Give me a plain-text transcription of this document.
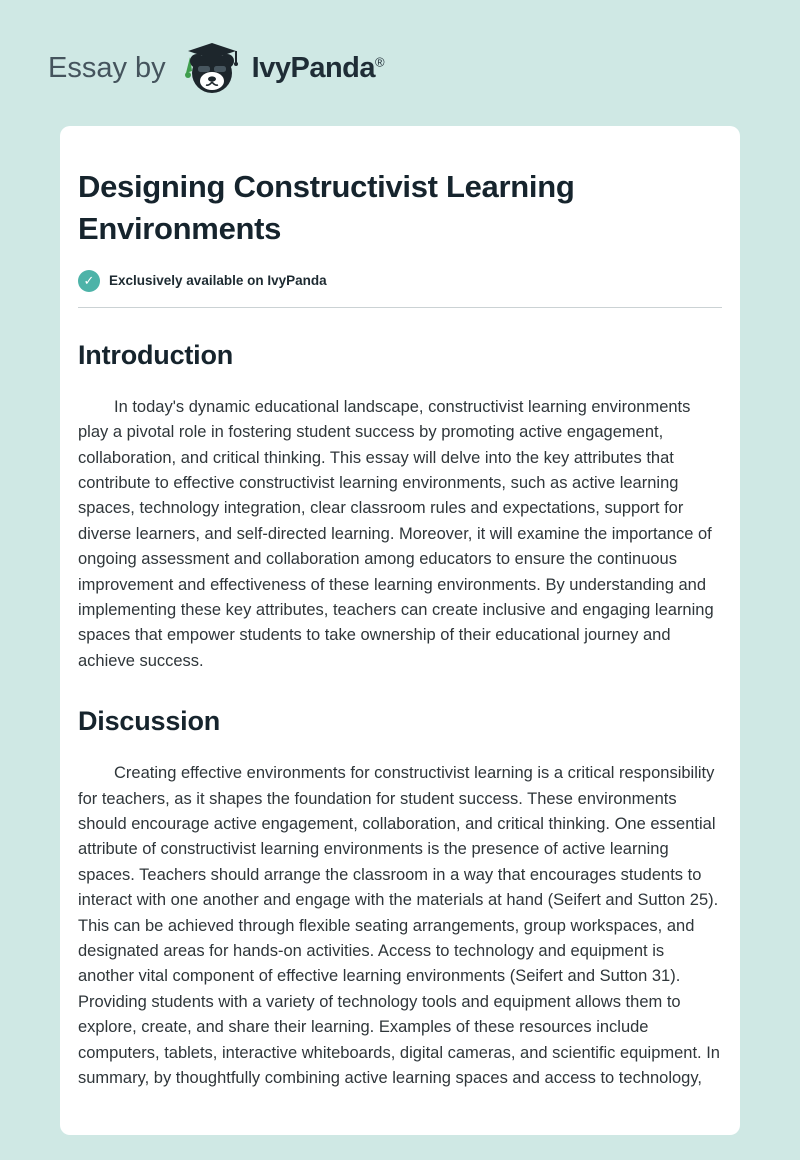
Essay by	IvyPanda®
Designing Constructivist Learning Environments
✓	Exclusively available on IvyPanda
Introduction

In today's dynamic educational landscape, constructivist learning environments play a pivotal role in fostering student success by promoting active engagement, collaboration, and critical thinking. This essay will delve into the key attributes that contribute to effective constructivist learning environments, such as active learning spaces, technology integration, clear classroom rules and expectations, support for diverse learners, and self-directed learning. Moreover, it will examine the importance of ongoing assessment and collaboration among educators to ensure the continuous improvement and effectiveness of these learning environments. By understanding and implementing these key attributes, teachers can create inclusive and engaging learning spaces that empower students to take ownership of their educational journey and achieve success.

Discussion

Creating effective environments for constructivist learning is a critical responsibility for teachers, as it shapes the foundation for student success. These environments should encourage active engagement, collaboration, and critical thinking. One essential attribute of constructivist learning environments is the presence of active learning spaces. Teachers should arrange the classroom in a way that encourages students to interact with one another and engage with the materials at hand (Seifert and Sutton 25). This can be achieved through flexible seating arrangements, group workspaces, and designated areas for hands-on activities. Access to technology and equipment is another vital component of effective learning environments (Seifert and Sutton 31). Providing students with a variety of technology tools and equipment allows them to explore, create, and share their learning. Examples of these resources include computers, tablets, interactive whiteboards, digital cameras, and scientific equipment. In summary, by thoughtfully combining active learning spaces and access to technology,
